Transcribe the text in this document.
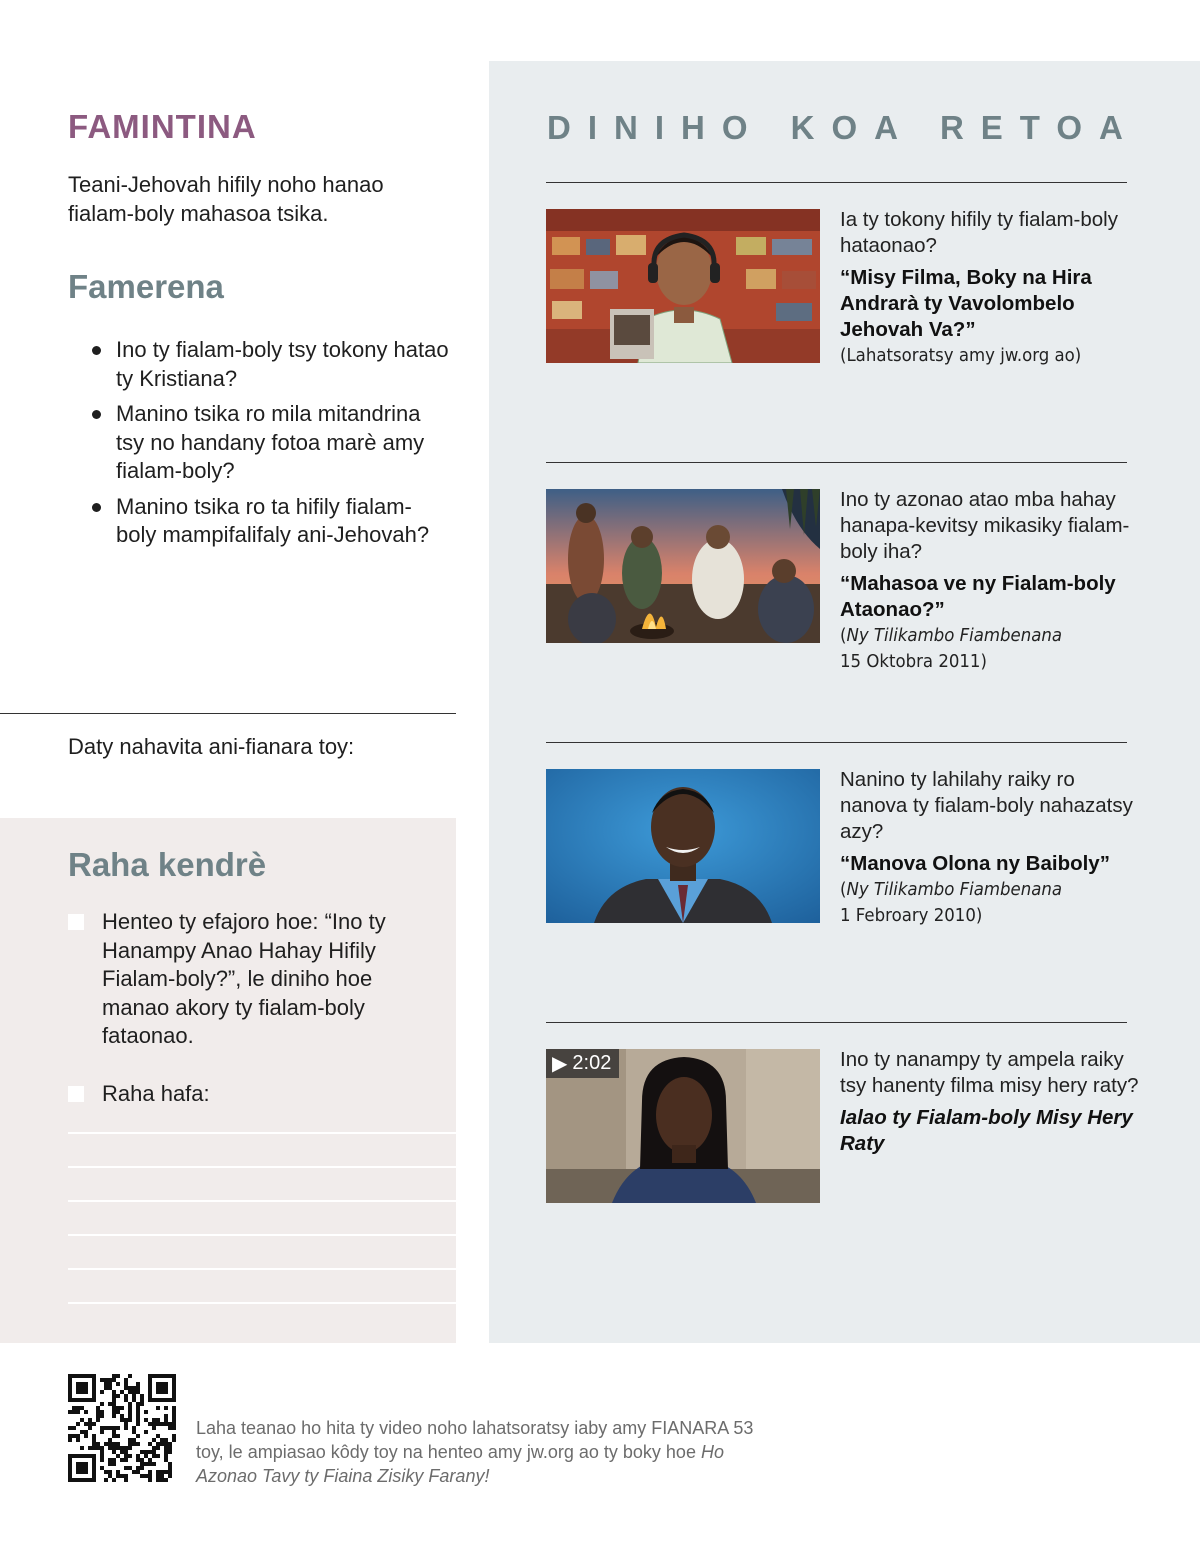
FAMINTINA

Teani-Jehovah hifily noho hanao fialam-boly mahasoa tsika.

Famerena
Ino ty fialam-boly tsy tokony hatao ty Kristiana?
Manino tsika ro mila mitandrina tsy no handany fotoa marè amy fialam-boly?
Manino tsika ro ta hifily fialam-boly mampifalifaly ani-Jehovah?

Daty nahavita ani-fianara toy:

Raha kendrè
Henteo ty efajoro hoe: “Ino ty Hanampy Anao Hahay Hifily Fialam-boly?”, le diniho hoe manao akory ty fialam-boly fataonao.
Raha hafa:
DINIHO KOA RETOA

Ia ty tokony hifily ty fialam-boly hataonao?

“Misy Filma, Boky na Hira Andrarà ty Vavolombelo Jehovah Va?”

(Lahatsoratsy amy jw.org ao)

Ino ty azonao atao mba hahay hanapa-kevitsy mikasiky fialam-boly iha?

“Mahasoa ve ny Fialam-boly Ataonao?”

(Ny Tilikambo Fiambenana

15 Oktobra 2011)

Nanino ty lahilahy raiky ro nanova ty fialam-boly nahazatsy azy?

“Manova Olona ny Baiboly”

(Ny Tilikambo Fiambenana

1 Febroary 2010)

▶ 2:02	Ino ty nanampy ty ampela raiky tsy hanenty filma misy hery raty?

Ialao ty Fialam-boly Misy Hery Raty

Laha teanao ho hita ty video noho lahatsoratsy iaby amy FIANARA 53 toy, le ampiasao kôdy toy na henteo amy jw.org ao ty boky hoe Ho Azonao Tavy ty Fiaina Zisiky Farany!
